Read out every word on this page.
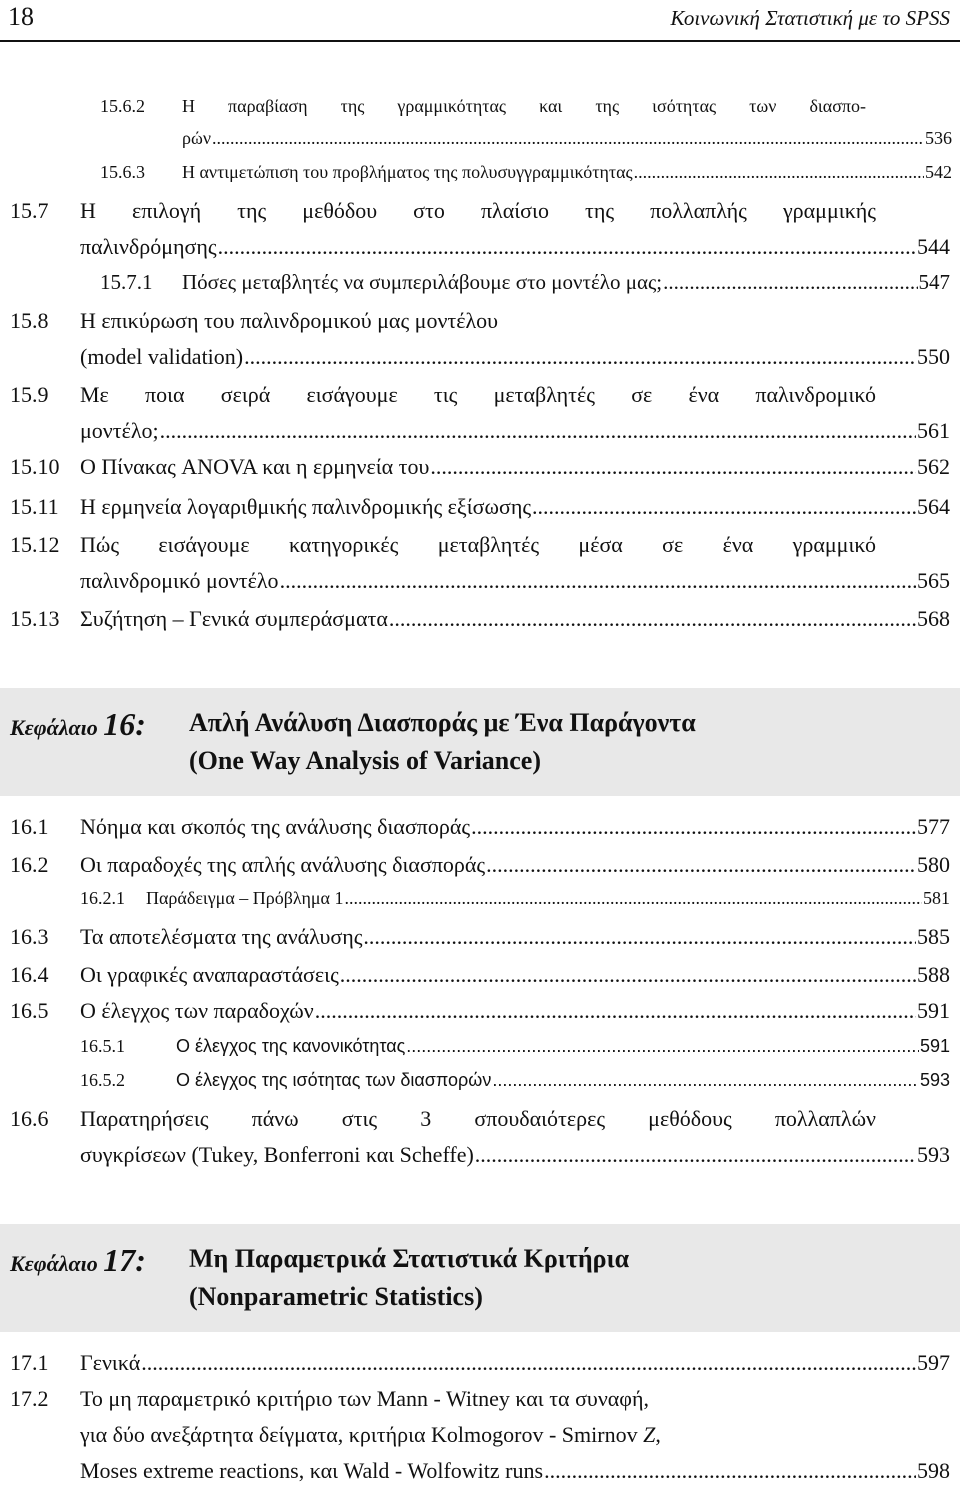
18	Κοινωνική Στατιστική με το SPSS
15.6.2	Η παραβίαση της γραμμικότητας και της ισότητας των διασπο-
ρών .....	536
15.6.3	Η αντιμετώπιση του προβλήματος της πολυσυγγραμμικότητας .....	542
15.7	Η επιλογή της μεθόδου στο πλαίσιο της πολλαπλής γραμμικής
παλινδρόμησης .....	544
15.7.1	Πόσες μεταβλητές να συμπεριλάβουμε στο μοντέλο μας; .....	547
15.8	Η επικύρωση του παλινδρομικού μας μοντέλου
(model validation) .....	550
15.9	Με ποια σειρά εισάγουμε τις μεταβλητές σε ένα παλινδρομικό
μοντέλο; .....	561
15.10 Ο Πίνακας ANOVA και η ερμηνεία του .....	562
15.11 Η ερμηνεία λογαριθμικής παλινδρομικής εξίσωσης .....	564
15.12 Πώς εισάγουμε κατηγορικές μεταβλητές μέσα σε ένα γραμμικό
παλινδρομικό μοντέλο .....	565
15.13 Συζήτηση – Γενικά συμπεράσματα .....	568
Κεφάλαιο 16: Απλή Ανάλυση Διασποράς με Ένα Παράγοντα
(One Way Analysis of Variance)
16.1	Νόημα και σκοπός της ανάλυσης διασποράς .....	577
16.2	Οι παραδοχές της απλής ανάλυσης διασποράς .....	580
16.2.1	Παράδειγμα – Πρόβλημα 1 .....	581
16.3	Τα αποτελέσματα της ανάλυσης .....	585
16.4	Οι γραφικές αναπαραστάσεις .....	588
16.5	Ο έλεγχος των παραδοχών .....	591
16.5.1	Ο έλεγχος της κανονικότητας .....	591
16.5.2	Ο έλεγχος της ισότητας των διασπορών .....	593
16.6	Παρατηρήσεις πάνω στις 3 σπουδαιότερες μεθόδους πολλαπλών
συγκρίσεων (Tukey, Bonferroni και Scheffe) .....	593
Κεφάλαιο 17: Μη Παραμετρικά Στατιστικά Κριτήρια
(Nonparametric Statistics)
17.1	Γενικά .....	597
17.2	Το μη παραμετρικό κριτήριο των Mann - Witney και τα συναφή,
για δύο ανεξάρτητα δείγματα, κριτήρια Kolmogorov - Smirnov Z,
Moses extreme reactions, και Wald - Wolfowitz runs .....	598
